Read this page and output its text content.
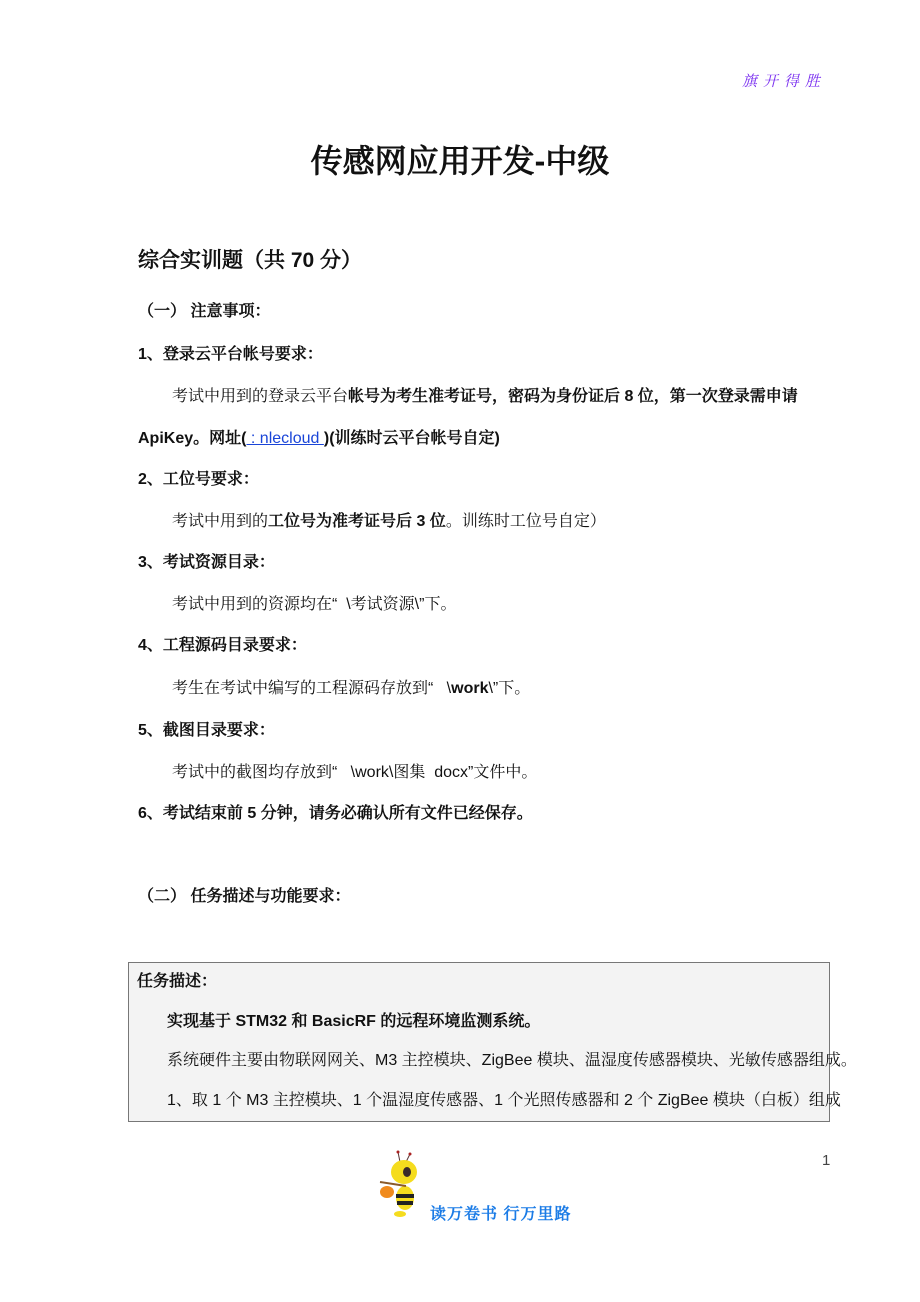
旗开得胜
传感网应用开发-中级
综合实训题（共 70 分）
（一） 注意事项：
1、登录云平台帐号要求：
考试中用到的登录云平台帐号为考生准考证号，密码为身份证后 8 位，第一次登录需申请
ApiKey。网址( : nlecloud )(训练时云平台帐号自定)
2、工位号要求：
考试中用到的工位号为准考证号后 3 位。训练时工位号自定）
3、考试资源目录：
考试中用到的资源均在“  \考试资源\”下。
4、工程源码目录要求：
考生在考试中编写的工程源码存放到“   \work\”下。
5、截图目录要求：
考试中的截图均存放到“   \work\图集  docx”文件中。
6、考试结束前 5 分钟，请务必确认所有文件已经保存。
（二） 任务描述与功能要求：
任务描述：
实现基于 STM32 和 BasicRF 的远程环境监测系统。
系统硬件主要由物联网网关、M3 主控模块、ZigBee 模块、温湿度传感器模块、光敏传感器组成。
1、取 1 个 M3 主控模块、1 个温湿度传感器、1 个光照传感器和 2 个 ZigBee 模块（白板）组成
1
读万卷书 行万里路
